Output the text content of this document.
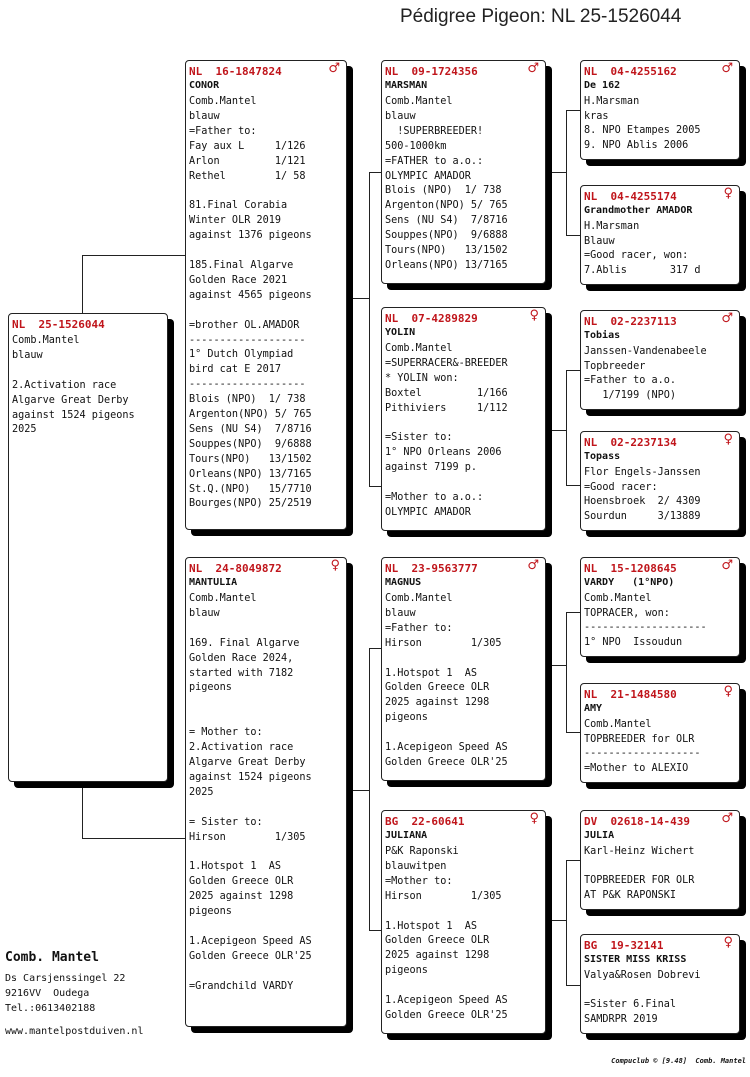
Pédigree Pigeon: NL 25-1526044
NL  25-1526044
Comb.Mantel
blauw
2.Activation race
Algarve Great Derby
against 1524 pigeons
2025
NL  16-1847824	♂
CONOR
Comb.Mantel
blauw
=Father to:
Fay aux L     1/126
Arlon         1/121
Rethel        1/ 58
81.Final Corabia
Winter OLR 2019
against 1376 pigeons
185.Final Algarve
Golden Race 2021
against 4565 pigeons
=brother OL.AMADOR
-------------------
1° Dutch Olympiad
bird cat E 2017
-------------------
Blois (NPO)  1/ 738
Argenton(NPO) 5/ 765
Sens (NU S4)  7/8716
Souppes(NPO)  9/6888
Tours(NPO)   13/1502
Orleans(NPO) 13/7165
St.Q.(NPO)   15/7710
Bourges(NPO) 25/2519
NL  24-8049872	♀
MANTULIA
Comb.Mantel
blauw
169. Final Algarve
Golden Race 2024,
started with 7182
pigeons
= Mother to:
2.Activation race
Algarve Great Derby
against 1524 pigeons
2025
= Sister to:
Hirson        1/305
1.Hotspot 1  AS
Golden Greece OLR
2025 against 1298
pigeons
1.Acepigeon Speed AS
Golden Greece OLR'25
=Grandchild VARDY
NL  09-1724356	♂
MARSMAN
Comb.Mantel
blauw
!SUPERBREEDER!
500-1000km
=FATHER to a.o.:
OLYMPIC AMADOR
Blois (NPO)  1/ 738
Argenton(NPO) 5/ 765
Sens (NU S4)  7/8716
Souppes(NPO)  9/6888
Tours(NPO)   13/1502
Orleans(NPO) 13/7165
NL  07-4289829	♀
YOLIN
Comb.Mantel
=SUPERRACER&-BREEDER
* YOLIN won:
Boxtel         1/166
Pithiviers     1/112
=Sister to:
1° NPO Orleans 2006
against 7199 p.
=Mother to a.o.:
OLYMPIC AMADOR
NL  23-9563777	♂
MAGNUS
Comb.Mantel
blauw
=Father to:
Hirson        1/305
1.Hotspot 1  AS
Golden Greece OLR
2025 against 1298
pigeons
1.Acepigeon Speed AS
Golden Greece OLR'25
BG  22-60641	♀
JULIANA
P&K Raponski
blauwitpen
=Mother to:
Hirson        1/305
1.Hotspot 1  AS
Golden Greece OLR
2025 against 1298
pigeons
1.Acepigeon Speed AS
Golden Greece OLR'25
NL  04-4255162	♂
De 162
H.Marsman
kras
8. NPO Etampes 2005
9. NPO Ablis 2006
NL  04-4255174	♀
Grandmother AMADOR
H.Marsman
Blauw
=Good racer, won:
7.Ablis       317 d
NL  02-2237113	♂
Tobias
Janssen-Vandenabeele
Topbreeder
=Father to a.o.
1/7199 (NPO)
NL  02-2237134	♀
Topass
Flor Engels-Janssen
=Good racer:
Hoensbroek  2/ 4309
Sourdun     3/13889
NL  15-1208645	♂
VARDY   (1°NPO)
Comb.Mantel
TOPRACER, won:
--------------------
1° NPO  Issoudun
NL  21-1484580	♀
AMY
Comb.Mantel
TOPBREEDER for OLR
-------------------
=Mother to ALEXIO
DV  02618-14-439 ♂
JULIA
Karl-Heinz Wichert
TOPBREEDER FOR OLR
AT P&K RAPONSKI
BG  19-32141	♀
SISTER MISS KRISS
Valya&Rosen Dobrevi
=Sister 6.Final
SAMDRPR 2019
Comb. Mantel
Ds Carsjenssingel 22
9216VV  Oudega
Tel.:0613402188
www.mantelpostduiven.nl
Compuclub © [9.48]  Comb. Mantel
